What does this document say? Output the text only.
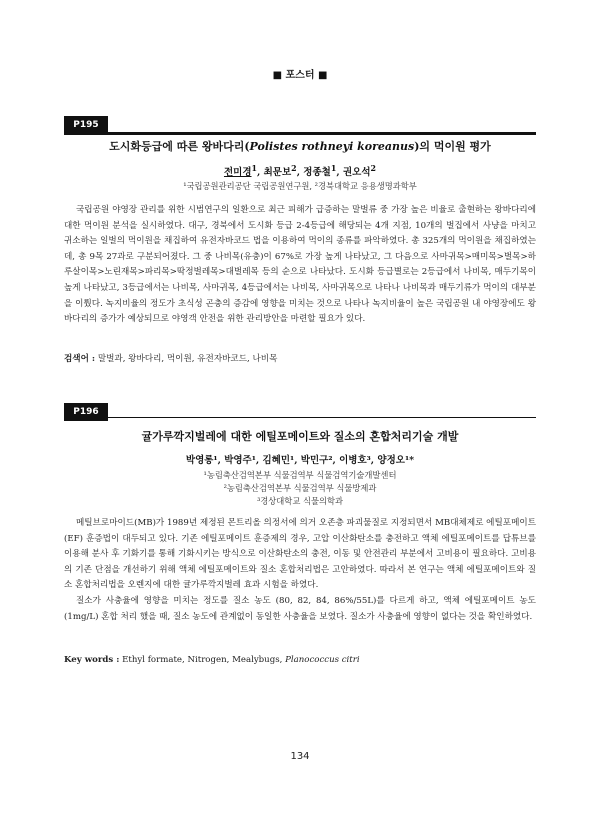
■ 포스터 ■
P195
도시화등급에 따른 왕바다리(Polistes rothneyi koreanus)의 먹이원 평가
전미경$^1$, 최문보$^2$, 정종철$^1$, 권오석$^2$
¹국립공원관리공단 국립공원연구원, ²경북대학교 응용생명과학부

국립공원 야영장 관리를 위한 시범연구의 일환으로 최근 피해가 급증하는 말벌류 중 가장 높은 비율로 출현하는 왕바다리에 대한 먹이원 분석을 실시하였다. 대구, 경북에서 도시화 등급 2-4등급에 해당되는 4개 지점, 10개의 벌집에서 사냥을 마치고 귀소하는 일벌의 먹이원을 채집하여 유전자바코드 법을 이용하여 먹이의 종류를 파악하였다. 총 325개의 먹이원을 채집하였는데, 총 9목 27과로 구분되어졌다. 그 중 나비목(유충)이 67%로 가장 높게 나타났고, 그 다음으로 사마귀목>매미목>벌목>하루살이목>노린재목>파리목>딱정벌레목>대벌레목 등의 순으로 나타났다. 도시화 등급별로는 2등급에서 나비목, 매두기목이 높게 나타났고, 3등급에서는 나비목, 사마귀목, 4등급에서는 나비목, 사마귀목으로 나타나 나비목과 매두기류가 먹이의 대부분을 이뤘다. 녹지비율의 정도가 초식성 곤충의 증감에 영향을 미치는 것으로 나타나 녹지비율이 높은 국립공원 내 야영장에도 왕바다리의 증가가 예상되므로 야영객 안전을 위한 관리방안을 마련할 필요가 있다.

검색어 : 말벌과, 왕바다리, 먹이원, 유전자바코드, 나비목
P196
귤가루깍지벌레에 대한 에틸포메이트와 질소의 혼합처리기술 개발
박영롱¹, 박영주¹, 김혜민¹, 박민구², 이병호³, 양정오¹*
¹농림축산검역본부 식물검역부 식물검역기술개발센터
²농림축산검역본부 식물검역부 식물방제과
³경상대학교 식물의학과

메틸브로마이드(MB)가 1989년 제정된 몬트리올 의정서에 의거 오존층 파괴물질로 지정되면서 MB대체제로 에틸포메이트(EF) 훈증법이 대두되고 있다. 기존 에틸포메이트 훈증제의 경우, 고압 이산화탄소를 충전하고 액체 에틸포메이트를 답튜브를 이용해 분사 후 기화기를 통해 기화시키는 방식으로 이산화탄소의 충전, 이동 및 안전관리 부분에서 고비용이 필요하다. 고비용의 기존 단점을 개선하기 위해 액체 에틸포메이트와 질소 혼합처리법은 고안하였다. 따라서 본 연구는 액체 에틸포메이트와 질소 혼합처리법을 오렌지에 대한 귤가루깍지벌레 효과 시험을 하였다.

질소가 사충율에 영향을 미치는 정도를 질소 농도 (80, 82, 84, 86%/55L)를 다르게 하고, 액체 에틸포메이트 농도(1mg/L) 혼합 처리 했을 때, 질소 농도에 관계없이 동일한 사충율을 보였다. 질소가 사충율에 영향이 없다는 것을 확인하였다.

Key words : Ethyl formate, Nitrogen, Mealybugs, Planococcus citri
134
